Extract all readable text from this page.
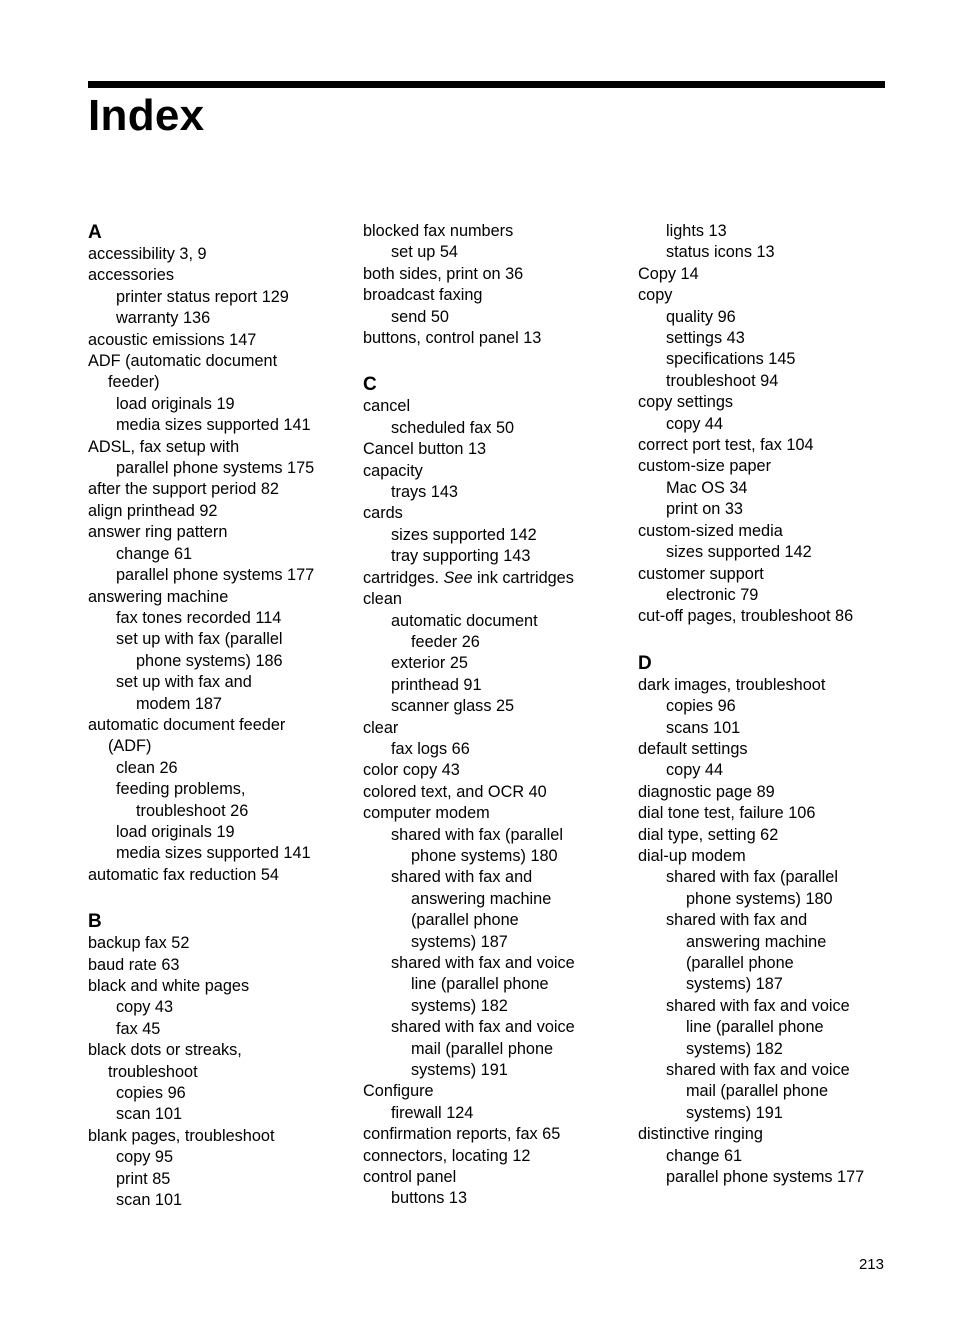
Index
A
accessibility 3, 9
accessories
printer status report 129
warranty 136
acoustic emissions 147
ADF (automatic document
feeder)
load originals 19
media sizes supported 141
ADSL, fax setup with
parallel phone systems 175
after the support period 82
align printhead 92
answer ring pattern
change 61
parallel phone systems 177
answering machine
fax tones recorded 114
set up with fax (parallel
phone systems) 186
set up with fax and
modem 187
automatic document feeder
(ADF)
clean 26
feeding problems,
troubleshoot 26
load originals 19
media sizes supported 141
automatic fax reduction 54
B
backup fax 52
baud rate 63
black and white pages
copy 43
fax 45
black dots or streaks,
troubleshoot
copies 96
scan 101
blank pages, troubleshoot
copy 95
print 85
scan 101
blocked fax numbers
set up 54
both sides, print on 36
broadcast faxing
send 50
buttons, control panel 13
C
cancel
scheduled fax 50
Cancel button 13
capacity
trays 143
cards
sizes supported 142
tray supporting 143
cartridges. See ink cartridges
clean
automatic document
feeder 26
exterior 25
printhead 91
scanner glass 25
clear
fax logs 66
color copy 43
colored text, and OCR 40
computer modem
shared with fax (parallel
phone systems) 180
shared with fax and
answering machine
(parallel phone
systems) 187
shared with fax and voice
line (parallel phone
systems) 182
shared with fax and voice
mail (parallel phone
systems) 191
Configure
firewall 124
confirmation reports, fax 65
connectors, locating 12
control panel
buttons 13
lights 13
status icons 13
Copy 14
copy
quality 96
settings 43
specifications 145
troubleshoot 94
copy settings
copy 44
correct port test, fax 104
custom-size paper
Mac OS 34
print on 33
custom-sized media
sizes supported 142
customer support
electronic 79
cut-off pages, troubleshoot 86
D
dark images, troubleshoot
copies 96
scans 101
default settings
copy 44
diagnostic page 89
dial tone test, failure 106
dial type, setting 62
dial-up modem
shared with fax (parallel
phone systems) 180
shared with fax and
answering machine
(parallel phone
systems) 187
shared with fax and voice
line (parallel phone
systems) 182
shared with fax and voice
mail (parallel phone
systems) 191
distinctive ringing
change 61
parallel phone systems 177
213
